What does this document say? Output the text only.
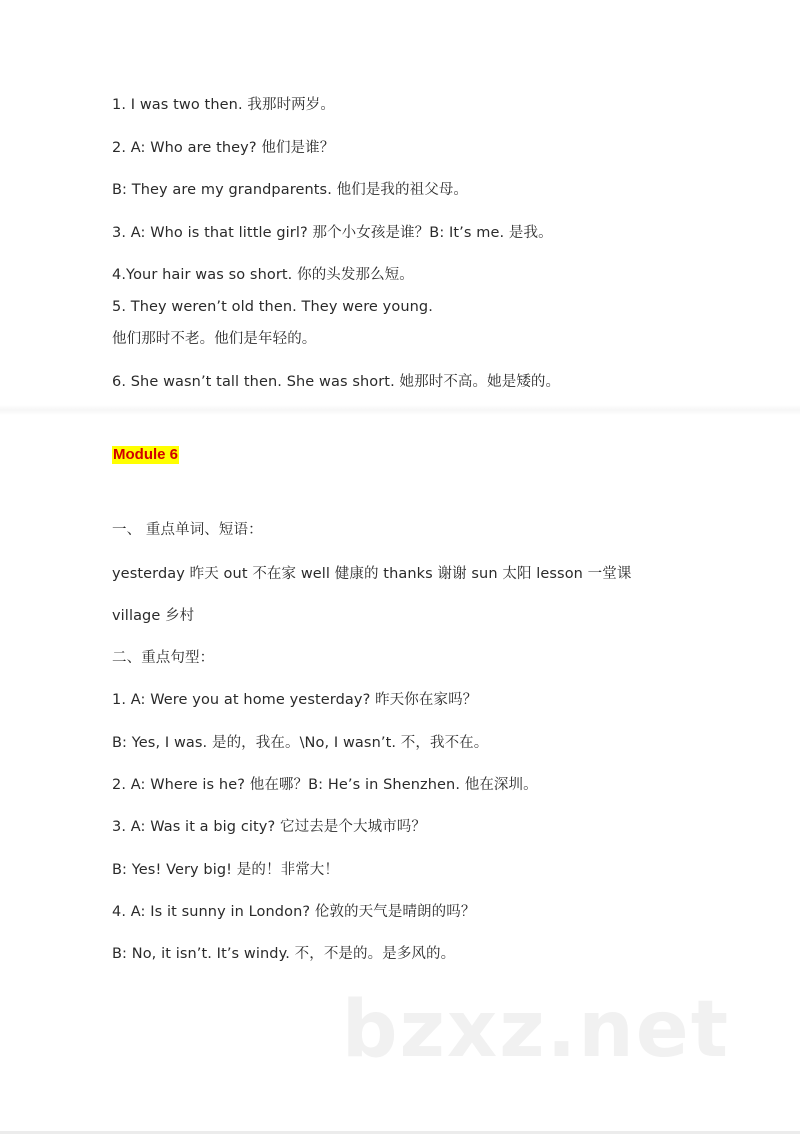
1. I was two then. 我那时两岁。
2. A: Who are they? 他们是谁？
B: They are my grandparents. 他们是我的祖父母。
3. A: Who is that little girl? 那个小女孩是谁？B: It’s me. 是我。
4.Your hair was so short. 你的头发那么短。
5. They weren’t old then. They were young.
他们那时不老。他们是年轻的。
6. She wasn’t tall then. She was short. 她那时不高。她是矮的。
Module 6
一、 重点单词、短语：
yesterday 昨天 out 不在家 well 健康的 thanks 谢谢 sun 太阳 lesson 一堂课
village 乡村
二、重点句型：
1. A: Were you at home yesterday? 昨天你在家吗？
B: Yes, I was. 是的，我在。\No, I wasn’t. 不，我不在。
2. A: Where is he? 他在哪？B: He’s in Shenzhen. 他在深圳。
3. A: Was it a big city? 它过去是个大城市吗？
B: Yes! Very big! 是的！非常大！
4. A: Is it sunny in London? 伦敦的天气是晴朗的吗？
B: No, it isn’t. It’s windy. 不，不是的。是多风的。
bzxz.net
